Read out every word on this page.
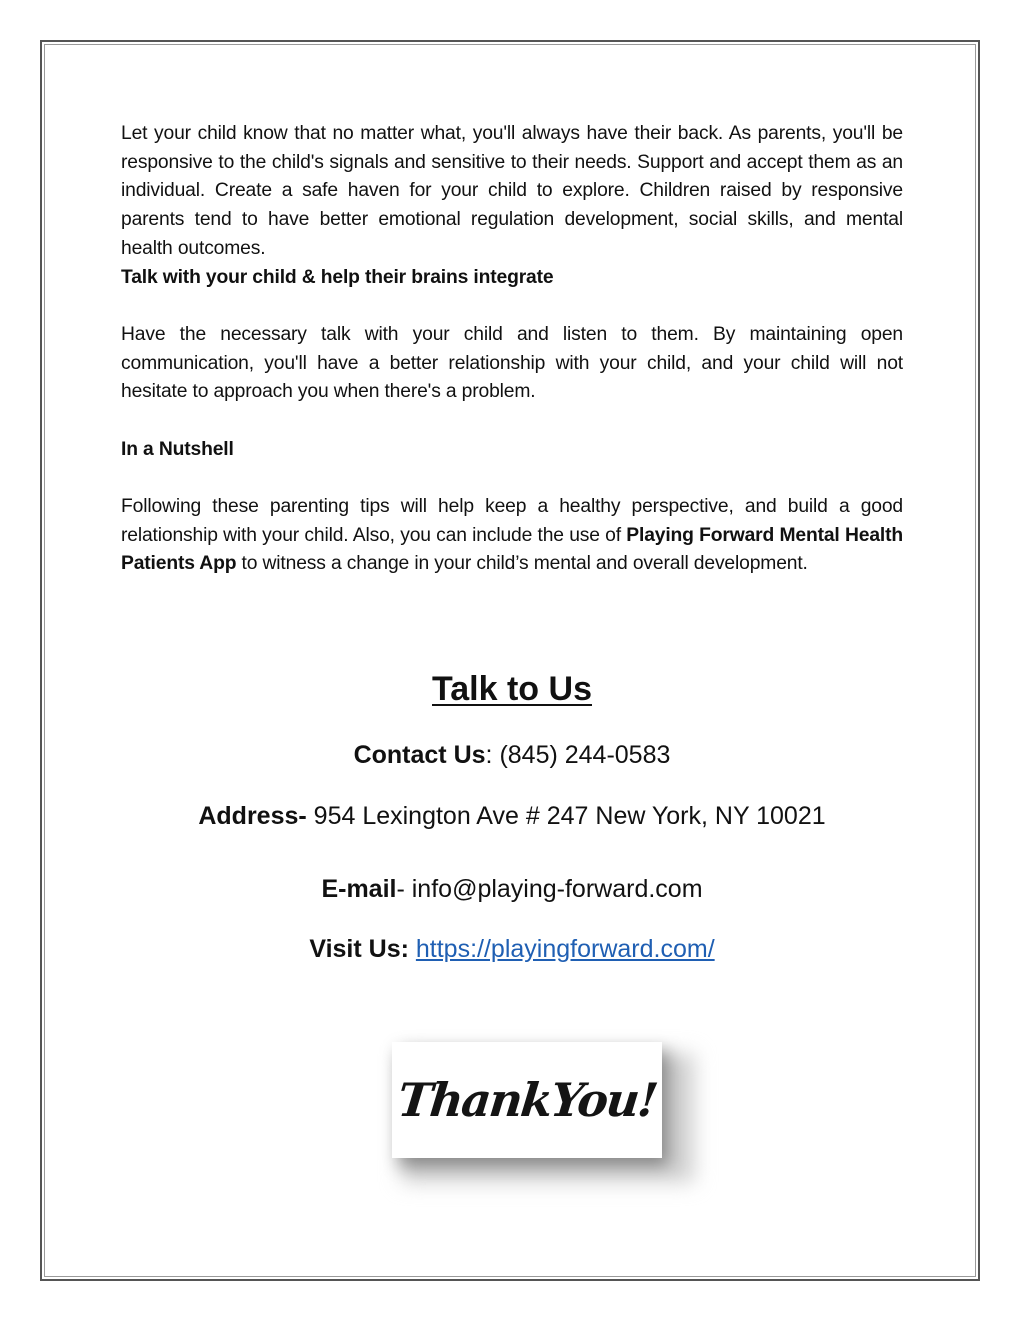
Let your child know that no matter what, you'll always have their back. As parents, you'll be responsive to the child's signals and sensitive to their needs. Support and accept them as an individual. Create a safe haven for your child to explore. Children raised by responsive parents tend to have better emotional regulation development, social skills, and mental health outcomes.
Talk with your child & help their brains integrate

Have the necessary talk with your child and listen to them. By maintaining open communication, you'll have a better relationship with your child, and your child will not hesitate to approach you when there's a problem.

In a Nutshell

Following these parenting tips will help keep a healthy perspective, and build a good relationship with your child. Also, you can include the use of Playing Forward Mental Health Patients App to witness a change in your child’s mental and overall development.

Talk to Us

Contact Us: (845) 244-0583

Address- 954 Lexington Ave # 247 New York, NY 10021

E-mail- info@playing-forward.com

Visit Us: https://playingforward.com/

ThankYou!
